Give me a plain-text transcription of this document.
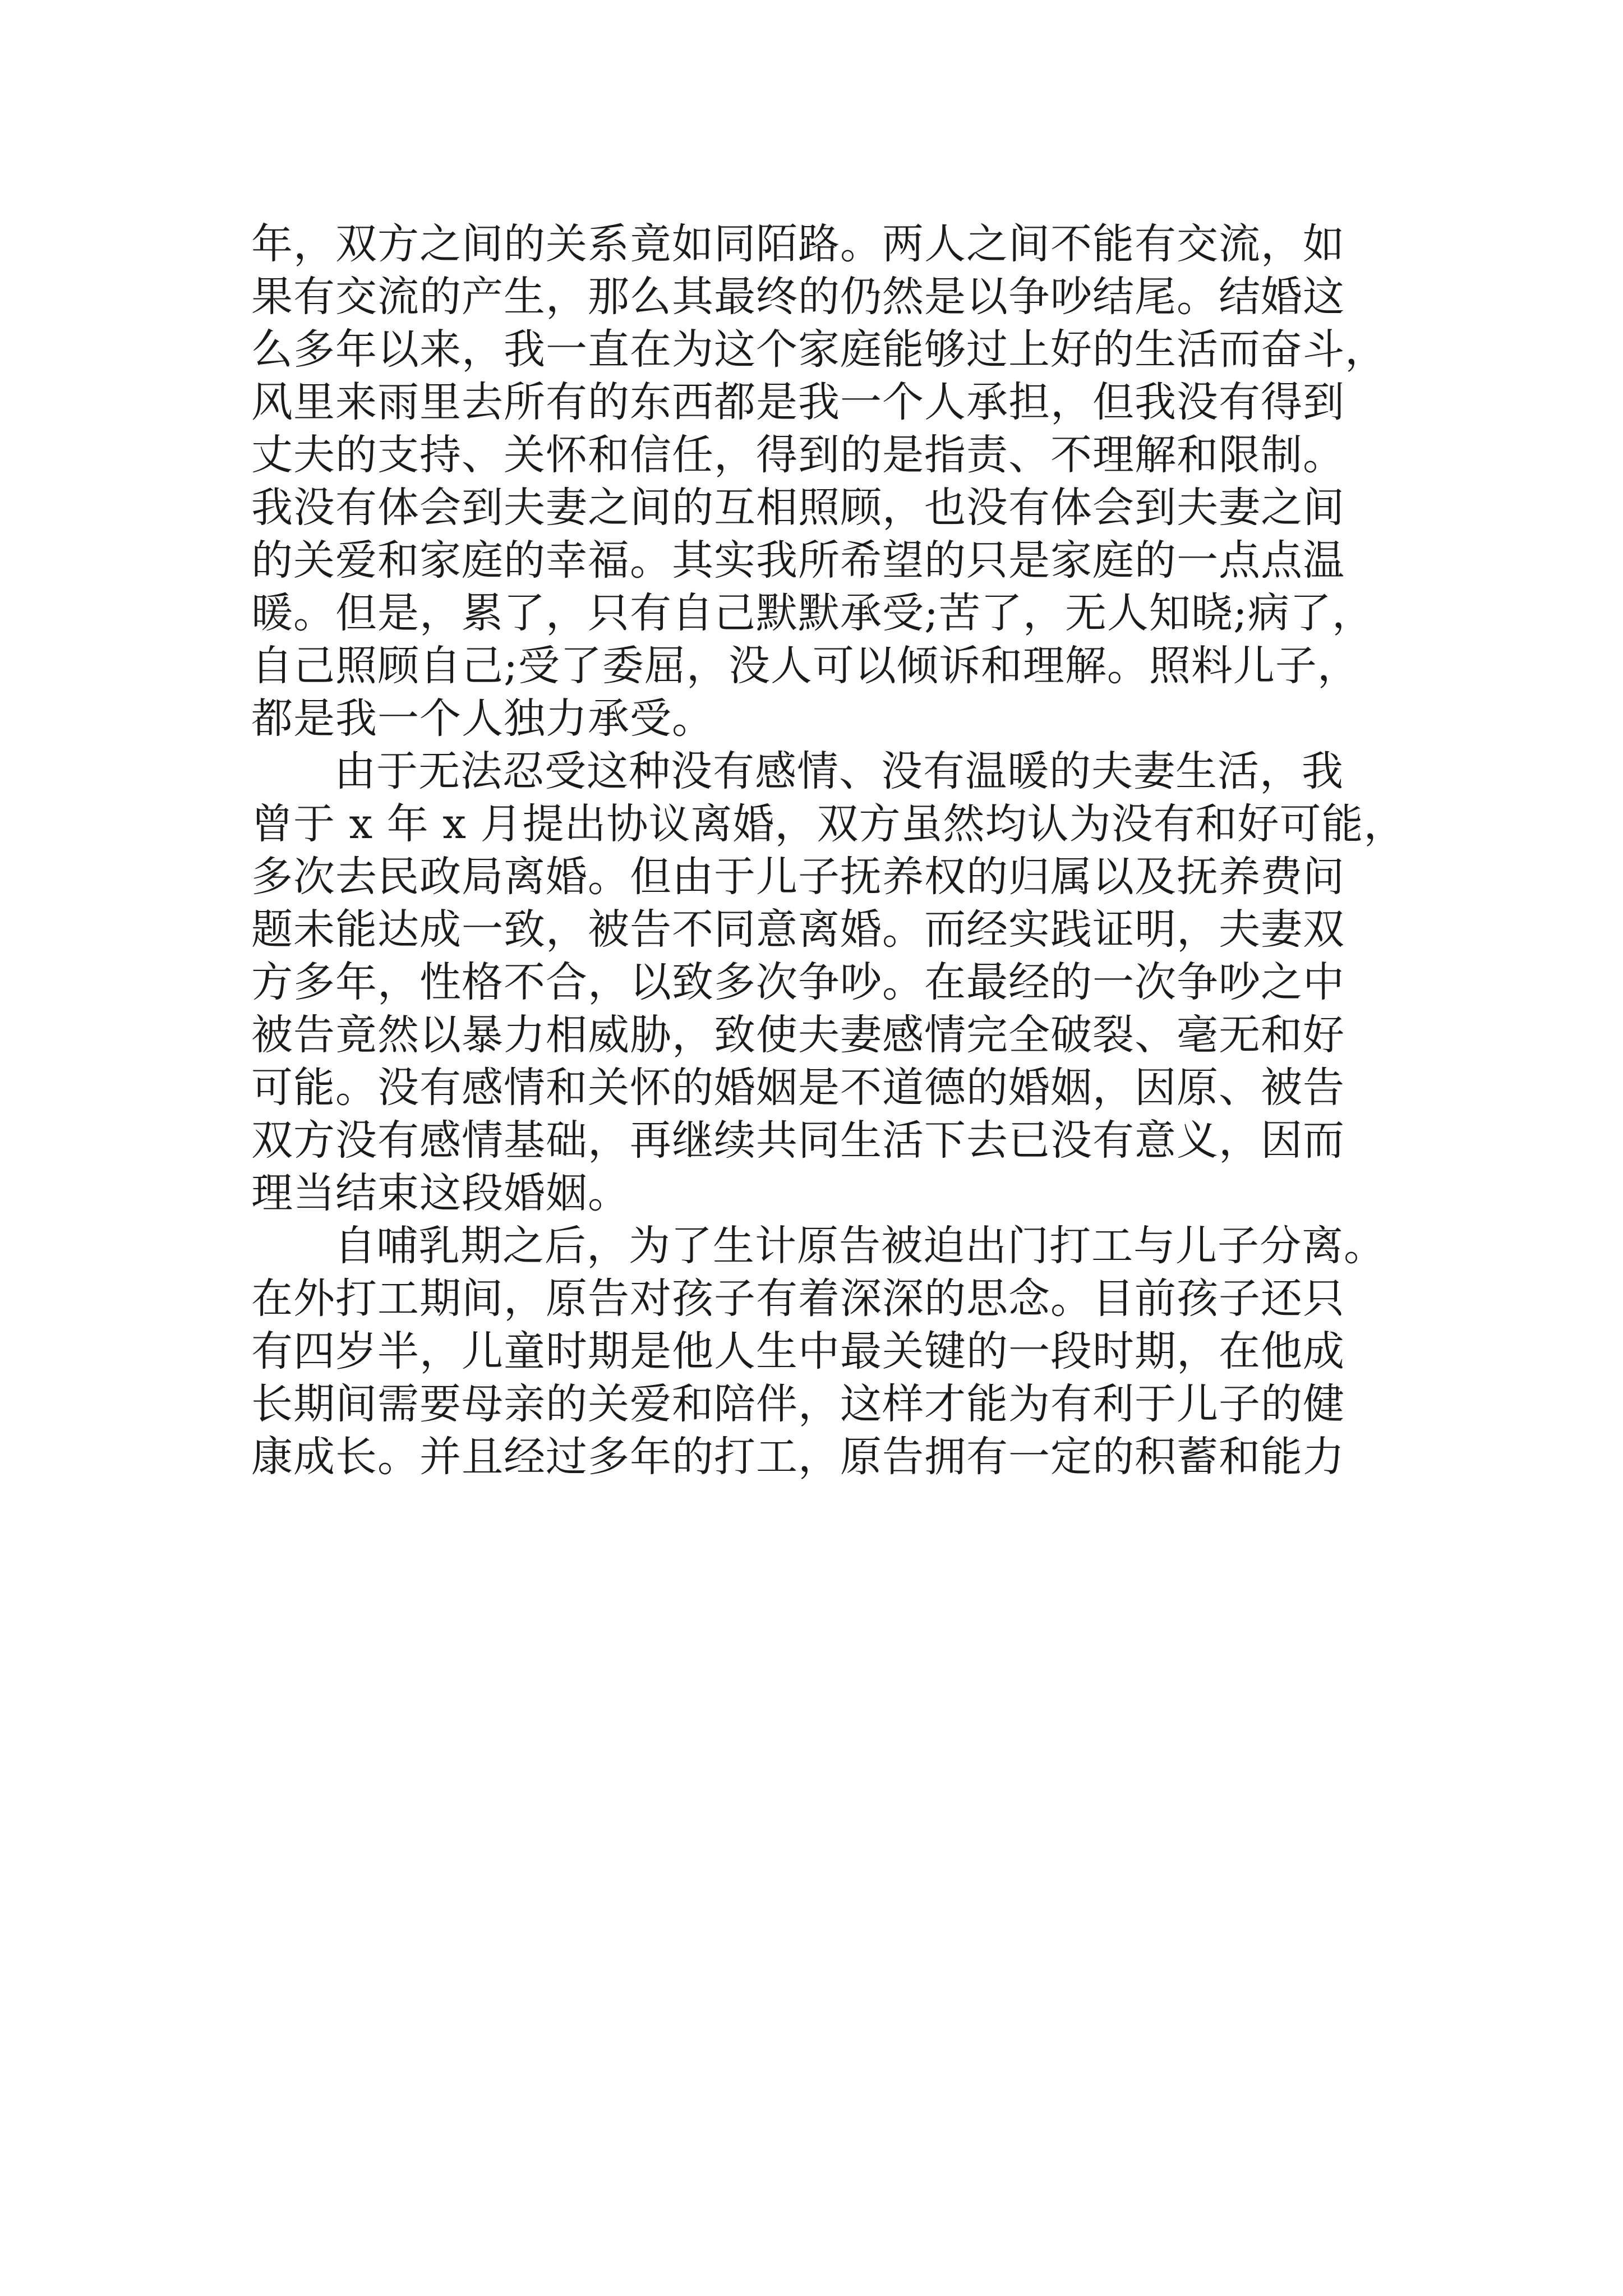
年，双方之间的关系竟如同陌路。两人之间不能有交流，如
果有交流的产生，那么其最终的仍然是以争吵结尾。结婚这
么多年以来，我一直在为这个家庭能够过上好的生活而奋斗，
风里来雨里去所有的东西都是我一个人承担，但我没有得到
丈夫的支持、关怀和信任，得到的是指责、不理解和限制。
我没有体会到夫妻之间的互相照顾，也没有体会到夫妻之间
的关爱和家庭的幸福。其实我所希望的只是家庭的一点点温
暖。但是，累了，只有自己默默承受;苦了，无人知晓;病了，
自己照顾自己;受了委屈，没人可以倾诉和理解。照料儿子，
都是我一个人独力承受。
由于无法忍受这种没有感情、没有温暖的夫妻生活，我
曾于 x 年 x 月提出协议离婚，双方虽然均认为没有和好可能，
多次去民政局离婚。但由于儿子抚养权的归属以及抚养费问
题未能达成一致，被告不同意离婚。而经实践证明，夫妻双
方多年，性格不合，以致多次争吵。在最经的一次争吵之中
被告竟然以暴力相威胁，致使夫妻感情完全破裂、毫无和好
可能。没有感情和关怀的婚姻是不道德的婚姻，因原、被告
双方没有感情基础，再继续共同生活下去已没有意义，因而
理当结束这段婚姻。
自哺乳期之后，为了生计原告被迫出门打工与儿子分离。
在外打工期间，原告对孩子有着深深的思念。目前孩子还只
有四岁半，儿童时期是他人生中最关键的一段时期，在他成
长期间需要母亲的关爱和陪伴，这样才能为有利于儿子的健
康成长。并且经过多年的打工，原告拥有一定的积蓄和能力
